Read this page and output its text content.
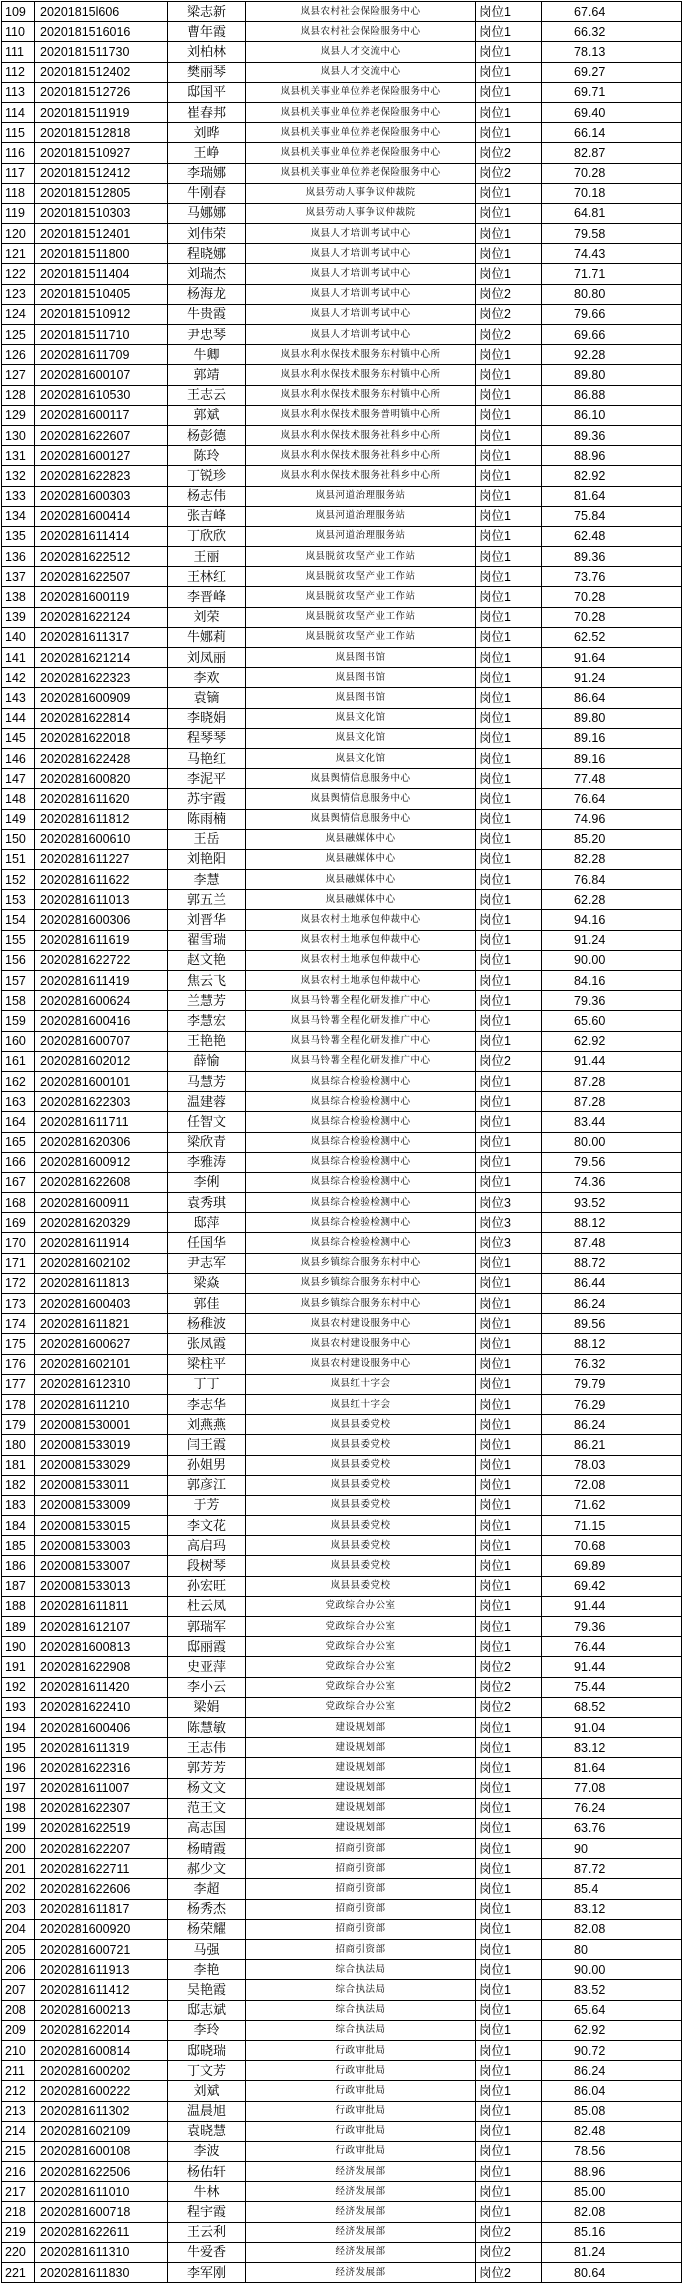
109	20201815l606	梁志新	岚县农村社会保险服务中心	岗位1	67.64
110	2020181516016	曹年霞	岚县农村社会保险服务中心	岗位1	66.32
111	2020181511730	刘柏林	岚县人才交流中心	岗位1	78.13
112	2020181512402	樊丽琴	岚县人才交流中心	岗位1	69.27
113	2020181512726	邸国平	岚县机关事业单位养老保险服务中心	岗位1	69.71
114	2020181511919	崔春邦	岚县机关事业单位养老保险服务中心	岗位1	69.40
115	2020181512818	刘晔	岚县机关事业单位养老保险服务中心	岗位1	66.14
116	2020181510927	王峥	岚县机关事业单位养老保险服务中心	岗位2	82.87
117	2020181512412	李瑞娜	岚县机关事业单位养老保险服务中心	岗位2	70.28
118	2020181512805	牛刚春	岚县劳动人事争议仲裁院	岗位1	70.18
119	2020181510303	马娜娜	岚县劳动人事争议仲裁院	岗位1	64.81
120	2020181512401	刘伟荣	岚县人才培训考试中心	岗位1	79.58
121	2020181511800	程晓娜	岚县人才培训考试中心	岗位1	74.43
122	2020181511404	刘瑞杰	岚县人才培训考试中心	岗位1	71.71
123	2020181510405	杨海龙	岚县人才培训考试中心	岗位2	80.80
124	2020181510912	牛贵霞	岚县人才培训考试中心	岗位2	79.66
125	2020181511710	尹忠琴	岚县人才培训考试中心	岗位2	69.66
126	2020281611709	牛卿	岚县水利水保技术服务东村镇中心所	岗位1	92.28
127	2020281600107	郭靖	岚县水利水保技术服务东村镇中心所	岗位1	89.80
128	2020281610530	王志云	岚县水利水保技术服务东村镇中心所	岗位1	86.88
129	2020281600117	郭斌	岚县水利水保技术服务普明镇中心所	岗位1	86.10
130	2020281622607	杨彭德	岚县水利水保技术服务社科乡中心所	岗位1	89.36
131	2020281600127	陈玲	岚县水利水保技术服务社科乡中心所	岗位1	88.96
132	2020281622823	丁锐珍	岚县水利水保技术服务社科乡中心所	岗位1	82.92
133	2020281600303	杨志伟	岚县河道治理服务站	岗位1	81.64
134	2020281600414	张吉峰	岚县河道治理服务站	岗位1	75.84
135	2020281611414	丁欣欣	岚县河道治理服务站	岗位1	62.48
136	2020281622512	王丽	岚县脱贫攻坚产业工作站	岗位1	89.36
137	2020281622507	王林红	岚县脱贫攻坚产业工作站	岗位1	73.76
138	2020281600119	李晋峰	岚县脱贫攻坚产业工作站	岗位1	70.28
139	2020281622124	刘荣	岚县脱贫攻坚产业工作站	岗位1	70.28
140	2020281611317	牛娜莉	岚县脱贫攻坚产业工作站	岗位1	62.52
141	2020281621214	刘凤丽	岚县图书馆	岗位1	91.64
142	2020281622323	李欢	岚县图书馆	岗位1	91.24
143	2020281600909	袁镝	岚县图书馆	岗位1	86.64
144	2020281622814	李晓娟	岚县文化馆	岗位1	89.80
145	2020281622018	程琴琴	岚县文化馆	岗位1	89.16
146	2020281622428	马艳红	岚县文化馆	岗位1	89.16
147	2020281600820	李泥平	岚县舆情信息服务中心	岗位1	77.48
148	2020281611620	苏宇霞	岚县舆情信息服务中心	岗位1	76.64
149	2020281611812	陈雨楠	岚县舆情信息服务中心	岗位1	74.96
150	2020281600610	王岳	岚县融媒体中心	岗位1	85.20
151	2020281611227	刘艳阳	岚县融媒体中心	岗位1	82.28
152	2020281611622	李慧	岚县融媒体中心	岗位1	76.84
153	2020281611013	郭五兰	岚县融媒体中心	岗位1	62.28
154	2020281600306	刘晋华	岚县农村土地承包仲裁中心	岗位1	94.16
155	2020281611619	翟雪瑞	岚县农村土地承包仲裁中心	岗位1	91.24
156	2020281622722	赵文艳	岚县农村土地承包仲裁中心	岗位1	90.00
157	2020281611419	焦云飞	岚县农村土地承包仲裁中心	岗位1	84.16
158	2020281600624	兰慧芳	岚县马铃薯全程化研发推广中心	岗位1	79.36
159	2020281600416	李慧宏	岚县马铃薯全程化研发推广中心	岗位1	65.60
160	2020281600707	王艳艳	岚县马铃薯全程化研发推广中心	岗位1	62.92
161	2020281602012	薛愉	岚县马铃薯全程化研发推广中心	岗位2	91.44
162	2020281600101	马慧芳	岚县综合检验检测中心	岗位1	87.28
163	2020281622303	温建蓉	岚县综合检验检测中心	岗位1	87.28
164	2020281611711	任智文	岚县综合检验检测中心	岗位1	83.44
165	2020281620306	梁欣青	岚县综合检验检测中心	岗位1	80.00
166	2020281600912	李雅涛	岚县综合检验检测中心	岗位1	79.56
167	2020281622608	李俐	岚县综合检验检测中心	岗位1	74.36
168	2020281600911	袁秀琪	岚县综合检验检测中心	岗位3	93.52
169	2020281620329	邸萍	岚县综合检验检测中心	岗位3	88.12
170	2020281611914	任国华	岚县综合检验检测中心	岗位3	87.48
171	2020281602102	尹志军	岚县乡镇综合服务东村中心	岗位1	88.72
172	2020281611813	梁焱	岚县乡镇综合服务东村中心	岗位1	86.44
173	2020281600403	郭佳	岚县乡镇综合服务东村中心	岗位1	86.24
174	2020281611821	杨稚波	岚县农村建设服务中心	岗位1	89.56
175	2020281600627	张凤霞	岚县农村建设服务中心	岗位1	88.12
176	2020281602101	梁柱平	岚县农村建设服务中心	岗位1	76.32
177	2020281612310	丁丁	岚县红十字会	岗位1	79.79
178	2020281611210	李志华	岚县红十字会	岗位1	76.29
179	2020081530001	刘燕燕	岚县县委党校	岗位1	86.24
180	2020081533019	闫王霞	岚县县委党校	岗位1	86.21
181	2020081533029	孙姐男	岚县县委党校	岗位1	78.03
182	2020081533011	郭彦江	岚县县委党校	岗位1	72.08
183	2020081533009	于芳	岚县县委党校	岗位1	71.62
184	2020081533015	李文花	岚县县委党校	岗位1	71.15
185	2020081533003	高启玛	岚县县委党校	岗位1	70.68
186	2020081533007	段树琴	岚县县委党校	岗位1	69.89
187	2020081533013	孙宏旺	岚县县委党校	岗位1	69.42
188	2020281611811	杜云凤	党政综合办公室	岗位1	91.44
189	2020281612107	郭瑞军	党政综合办公室	岗位1	79.36
190	2020281600813	邸丽霞	党政综合办公室	岗位1	76.44
191	2020281622908	史亚萍	党政综合办公室	岗位2	91.44
192	2020281611420	李小云	党政综合办公室	岗位2	75.44
193	2020281622410	梁娟	党政综合办公室	岗位2	68.52
194	2020281600406	陈慧敏	建设规划部	岗位1	91.04
195	2020281611319	王志伟	建设规划部	岗位1	83.12
196	2020281622316	郭芳芳	建设规划部	岗位1	81.64
197	2020281611007	杨文文	建设规划部	岗位1	77.08
198	2020281622307	范王文	建设规划部	岗位1	76.24
199	2020281622519	高志国	建设规划部	岗位1	63.76
200	2020281622207	杨晴霞	招商引资部	岗位1	90
201	2020281622711	郝少文	招商引资部	岗位1	87.72
202	2020281622606	李超	招商引资部	岗位1	85.4
203	2020281611817	杨秀杰	招商引资部	岗位1	83.12
204	2020281600920	杨荣耀	招商引资部	岗位1	82.08
205	2020281600721	马强	招商引资部	岗位1	80
206	2020281611913	李艳	综合执法局	岗位1	90.00
207	2020281611412	吴艳霞	综合执法局	岗位1	83.52
208	2020281600213	邸志斌	综合执法局	岗位1	65.64
209	2020281622014	李玲	综合执法局	岗位1	62.92
210	2020281600814	邸晓瑞	行政审批局	岗位1	90.72
211	2020281600202	丁文芳	行政审批局	岗位1	86.24
212	2020281600222	刘斌	行政审批局	岗位1	86.04
213	2020281611302	温晨旭	行政审批局	岗位1	85.08
214	2020281602109	袁晓慧	行政审批局	岗位1	82.48
215	2020281600108	李波	行政审批局	岗位1	78.56
216	2020281622506	杨佑轩	经济发展部	岗位1	88.96
217	2020281611010	牛林	经济发展部	岗位1	85.00
218	2020281600718	程宇霞	经济发展部	岗位1	82.08
219	2020281622611	王云利	经济发展部	岗位2	85.16
220	2020281611310	牛爱香	经济发展部	岗位2	81.24
221	2020281611830	李军刚	经济发展部	岗位2	80.64
